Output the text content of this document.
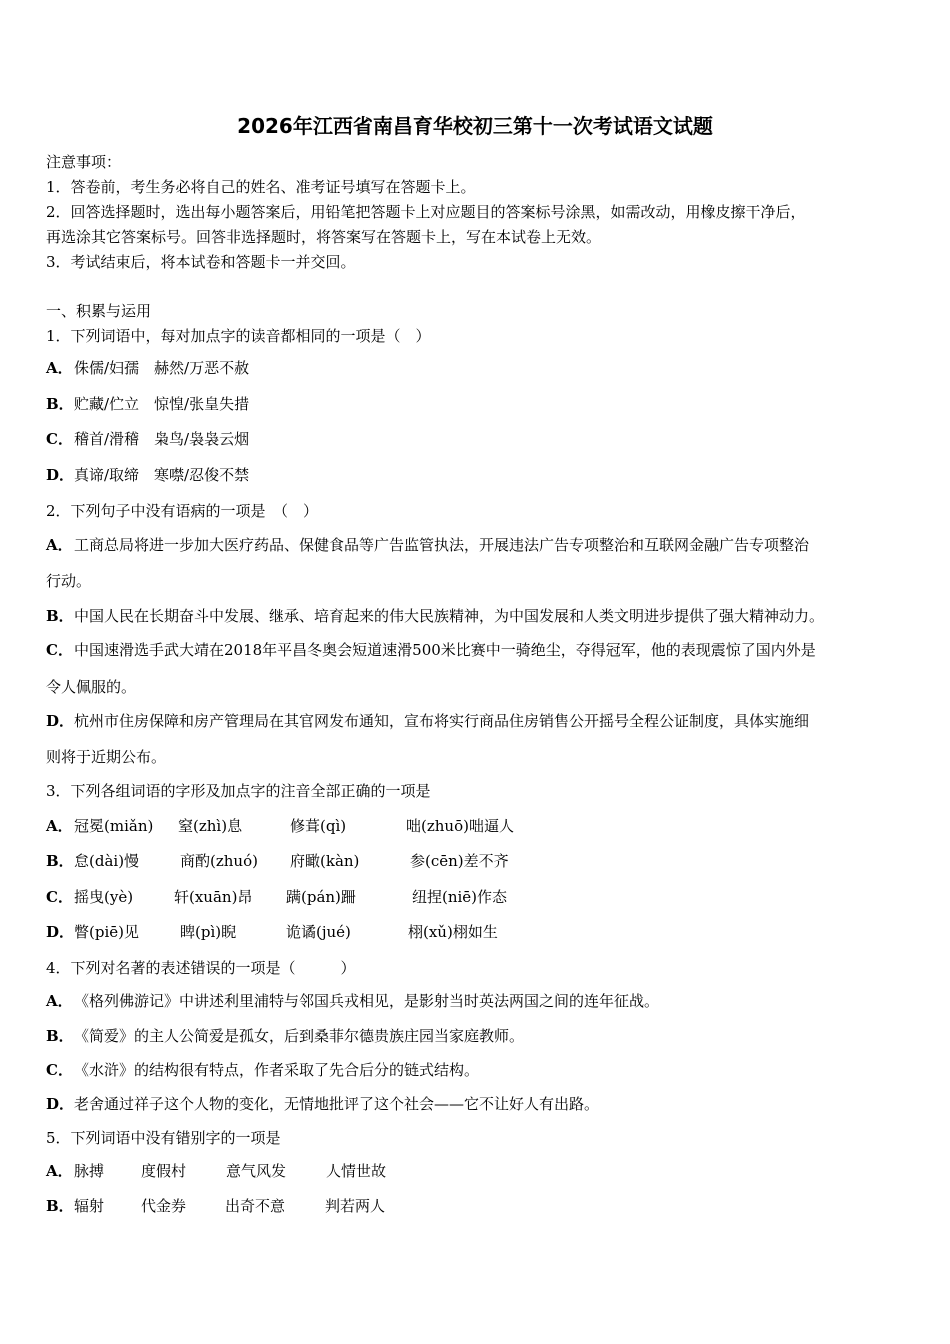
2026年江西省南昌育华校初三第十一次考试语文试题
注意事项：
1．答卷前，考生务必将自己的姓名、准考证号填写在答题卡上。
2．回答选择题时，选出每小题答案后，用铅笔把答题卡上对应题目的答案标号涂黑，如需改动，用橡皮擦干净后，
再选涂其它答案标号。回答非选择题时，将答案写在答题卡上，写在本试卷上无效。
3．考试结束后，将本试卷和答题卡一并交回。
一、积累与运用
1．下列词语中，每对加点字的读音都相同的一项是（　）
A．侏儒/妇孺　赫然/万恶不赦
B．贮藏/伫立　惊惶/张皇失措
C．稽首/滑稽　枭鸟/袅袅云烟
D．真谛/取缔　寒噤/忍俊不禁
2．下列句子中没有语病的一项是　（　）
A．工商总局将进一步加大医疗药品、保健食品等广告监管执法，开展违法广告专项整治和互联网金融广告专项整治
行动。
B．中国人民在长期奋斗中发展、继承、培育起来的伟大民族精神，为中国发展和人类文明进步提供了强大精神动力。
C．中国速滑选手武大靖在2018年平昌冬奥会短道速滑500米比赛中一骑绝尘，夺得冠军，他的表现震惊了国内外是
令人佩服的。
D．杭州市住房保障和房产管理局在其官网发布通知，宣布将实行商品住房销售公开摇号全程公证制度，具体实施细
则将于近期公布。
3．下列各组词语的字形及加点字的注音全部正确的一项是
A．冠冕(miǎn) 窒(zhì)息	修葺(qì)	咄(zhuō)咄逼人
B．怠(dài)慢	商酌(zhuó) 府瞰(kàn)	参(cēn)差不齐
C．摇曳(yè)	轩(xuān)昂 蹒(pán)跚	纽捏(niē)作态
D．瞥(piē)见	睥(pì)睨	诡谲(jué)	栩(xǔ)栩如生
4．下列对名著的表述错误的一项是（　　　）
A．《格列佛游记》中讲述利里浦特与邻国兵戎相见，是影射当时英法两国之间的连年征战。
B．《简爱》的主人公简爱是孤女，后到桑菲尔德贵族庄园当家庭教师。
C．《水浒》的结构很有特点，作者采取了先合后分的链式结构。
D．老舍通过祥子这个人物的变化，无情地批评了这个社会——它不让好人有出路。
5．下列词语中没有错别字的一项是
A．脉搏 度假村	意气风发	人情世故
B．辐射 代金券	出奇不意	判若两人
